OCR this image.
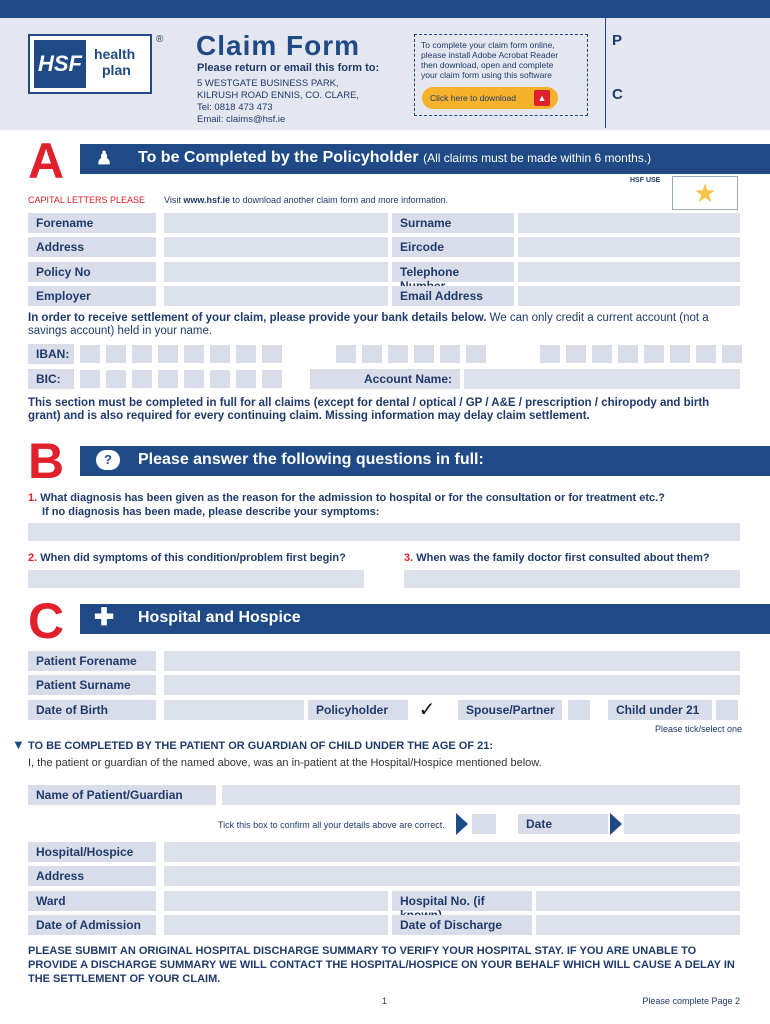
HSF health
plan
® Claim Form
Please return or email this form to:
5 WESTGATE BUSINESS PARK,
KILRUSH ROAD ENNIS, CO. CLARE,
Tel: 0818 473 473
Email: claims@hsf.ie
To complete your claim form online,
please install Adobe Acrobat Reader
then download, open and complete
your claim form using this software
Click here to download	▲
P
C
A ♟ To be Completed by the Policyholder (All claims must be made within 6 months.)
HSF USE	★
CAPITAL LETTERS PLEASE Visit www.hsf.ie to download another claim form and more information.
Forename	Surname
Address	Eircode
Policy No	Telephone
Employer	Email Address
In order to receive settlement of your claim, please provide your bank details below. We can only credit a current account (not a savings account) held in your name.
IBAN:
BIC:	Account Name:
This section must be completed in full for all claims (except for dental / optical / GP / A&E / prescription / chiropody and birth grant) and is also required for every continuing claim. Missing information may delay claim settlement.
B	?	Please answer the following questions in full:
1. What diagnosis has been given as the reason for the admission to hospital or for the consultation or for treatment etc.?
If no diagnosis has been made, please describe your symptoms:
2. When did symptoms of this condition/problem first begin?	3. When was the family doctor first consulted about them?
C ✚ Hospital and Hospice
Patient Forename
Patient Surname
Date of Birth	Policyholder	✓	Spouse/Partner	Child under 21
Please tick/select one
▼ TO BE COMPLETED BY THE PATIENT OR GUARDIAN OF CHILD UNDER THE AGE OF 21:
I, the patient or guardian of the named above, was an in-patient at the Hospital/Hospice mentioned below.
Name of Patient/Guardian
Tick this box to confirm all your details above are correct.	Date
Hospital/Hospice
Address
Ward	Hospital No. (if
Date of Admission	Date of Discharge
PLEASE SUBMIT AN ORIGINAL HOSPITAL DISCHARGE SUMMARY TO VERIFY YOUR HOSPITAL STAY. IF YOU ARE UNABLE TO PROVIDE A DISCHARGE SUMMARY WE WILL CONTACT THE HOSPITAL/HOSPICE ON YOUR BEHALF WHICH WILL CAUSE A DELAY IN THE SETTLEMENT OF YOUR CLAIM.
1	Please complete Page 2
